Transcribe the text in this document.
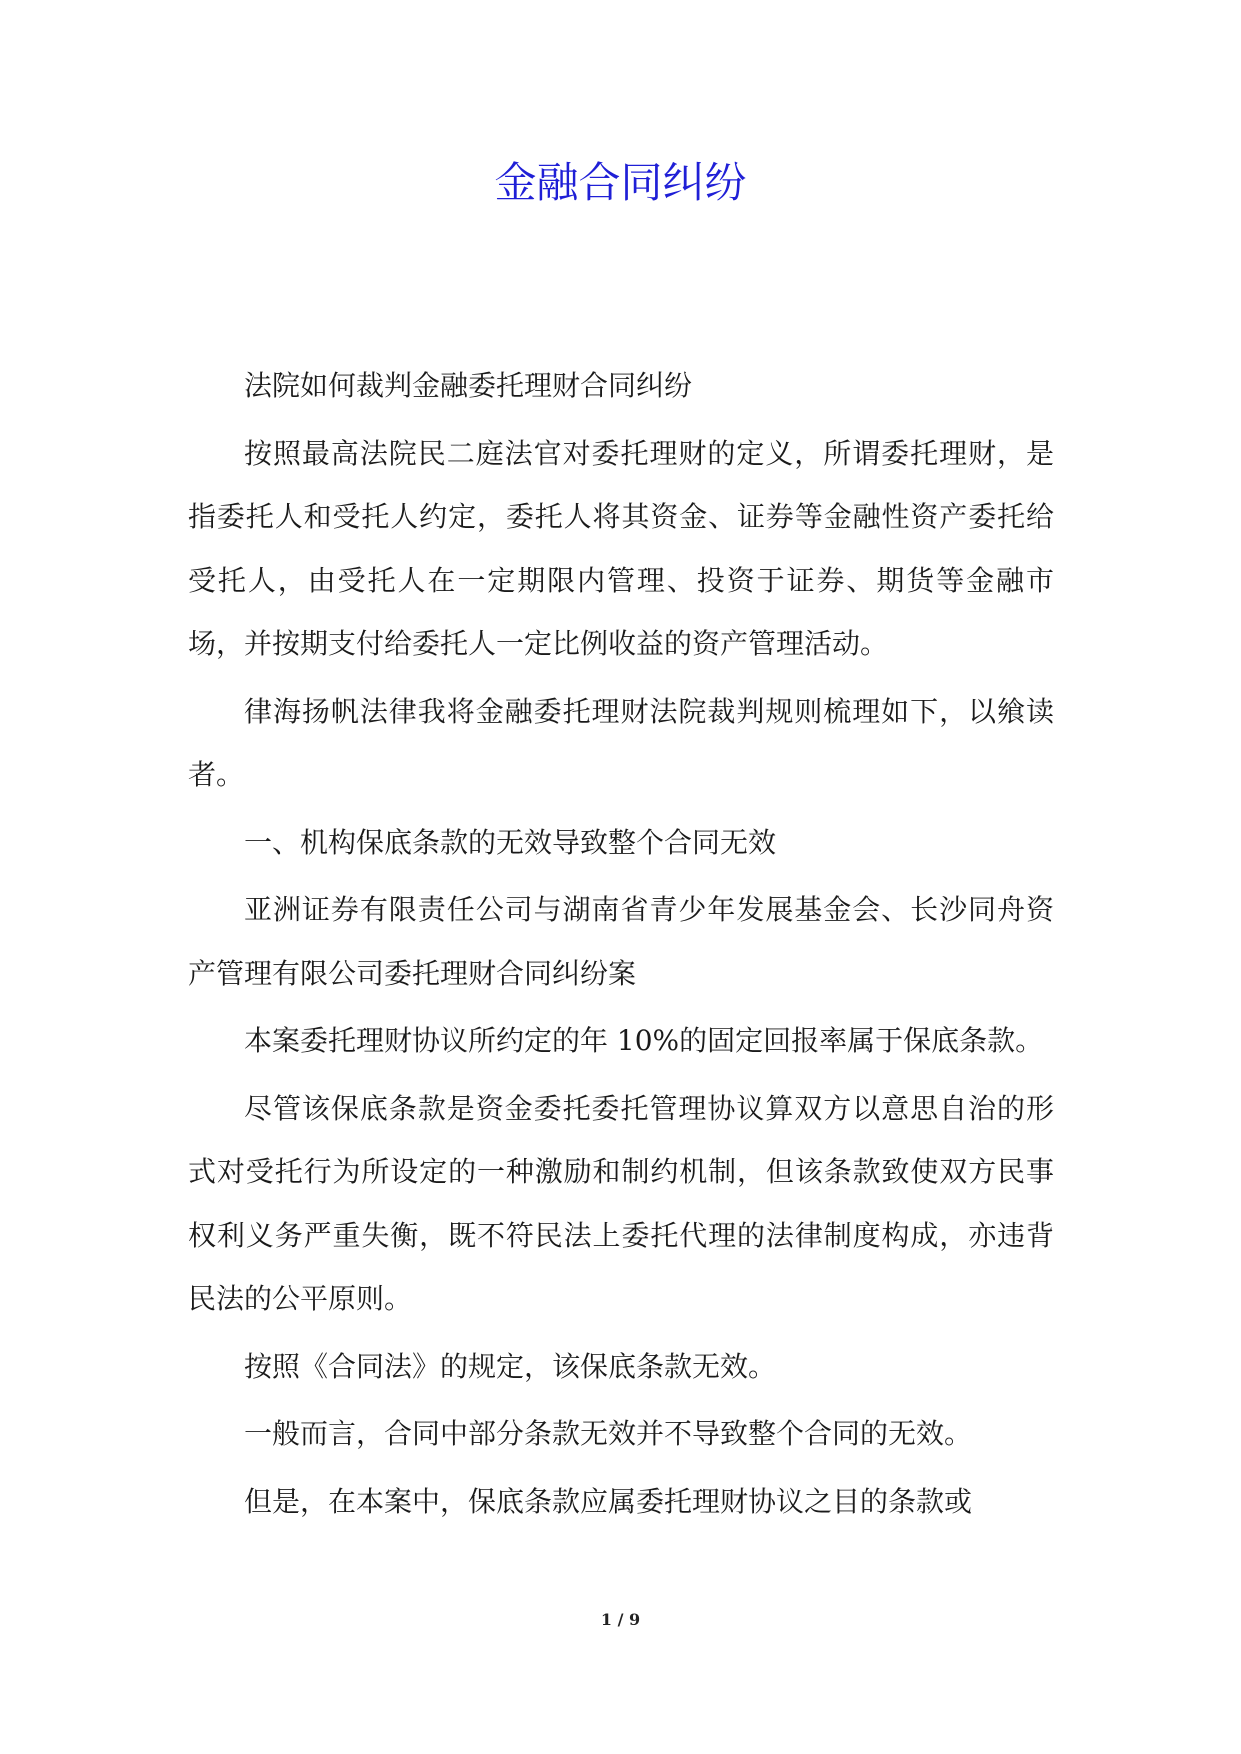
金融合同纠纷

法院如何裁判金融委托理财合同纠纷

按照最高法院民二庭法官对委托理财的定义，所谓委托理财，是指委托人和受托人约定，委托人将其资金、证券等金融性资产委托给受托人，由受托人在一定期限内管理、投资于证券、期货等金融市场，并按期支付给委托人一定比例收益的资产管理活动。

律海扬帆法律我将金融委托理财法院裁判规则梳理如下，以飨读者。

一、机构保底条款的无效导致整个合同无效

亚洲证券有限责任公司与湖南省青少年发展基金会、长沙同舟资产管理有限公司委托理财合同纠纷案

本案委托理财协议所约定的年 10%的固定回报率属于保底条款。

尽管该保底条款是资金委托委托管理协议算双方以意思自治的形式对受托行为所设定的一种激励和制约机制，但该条款致使双方民事权利义务严重失衡，既不符民法上委托代理的法律制度构成，亦违背民法的公平原则。

按照《合同法》的规定，该保底条款无效。

一般而言，合同中部分条款无效并不导致整个合同的无效。

但是，在本案中，保底条款应属委托理财协议之目的条款或

1 / 9
